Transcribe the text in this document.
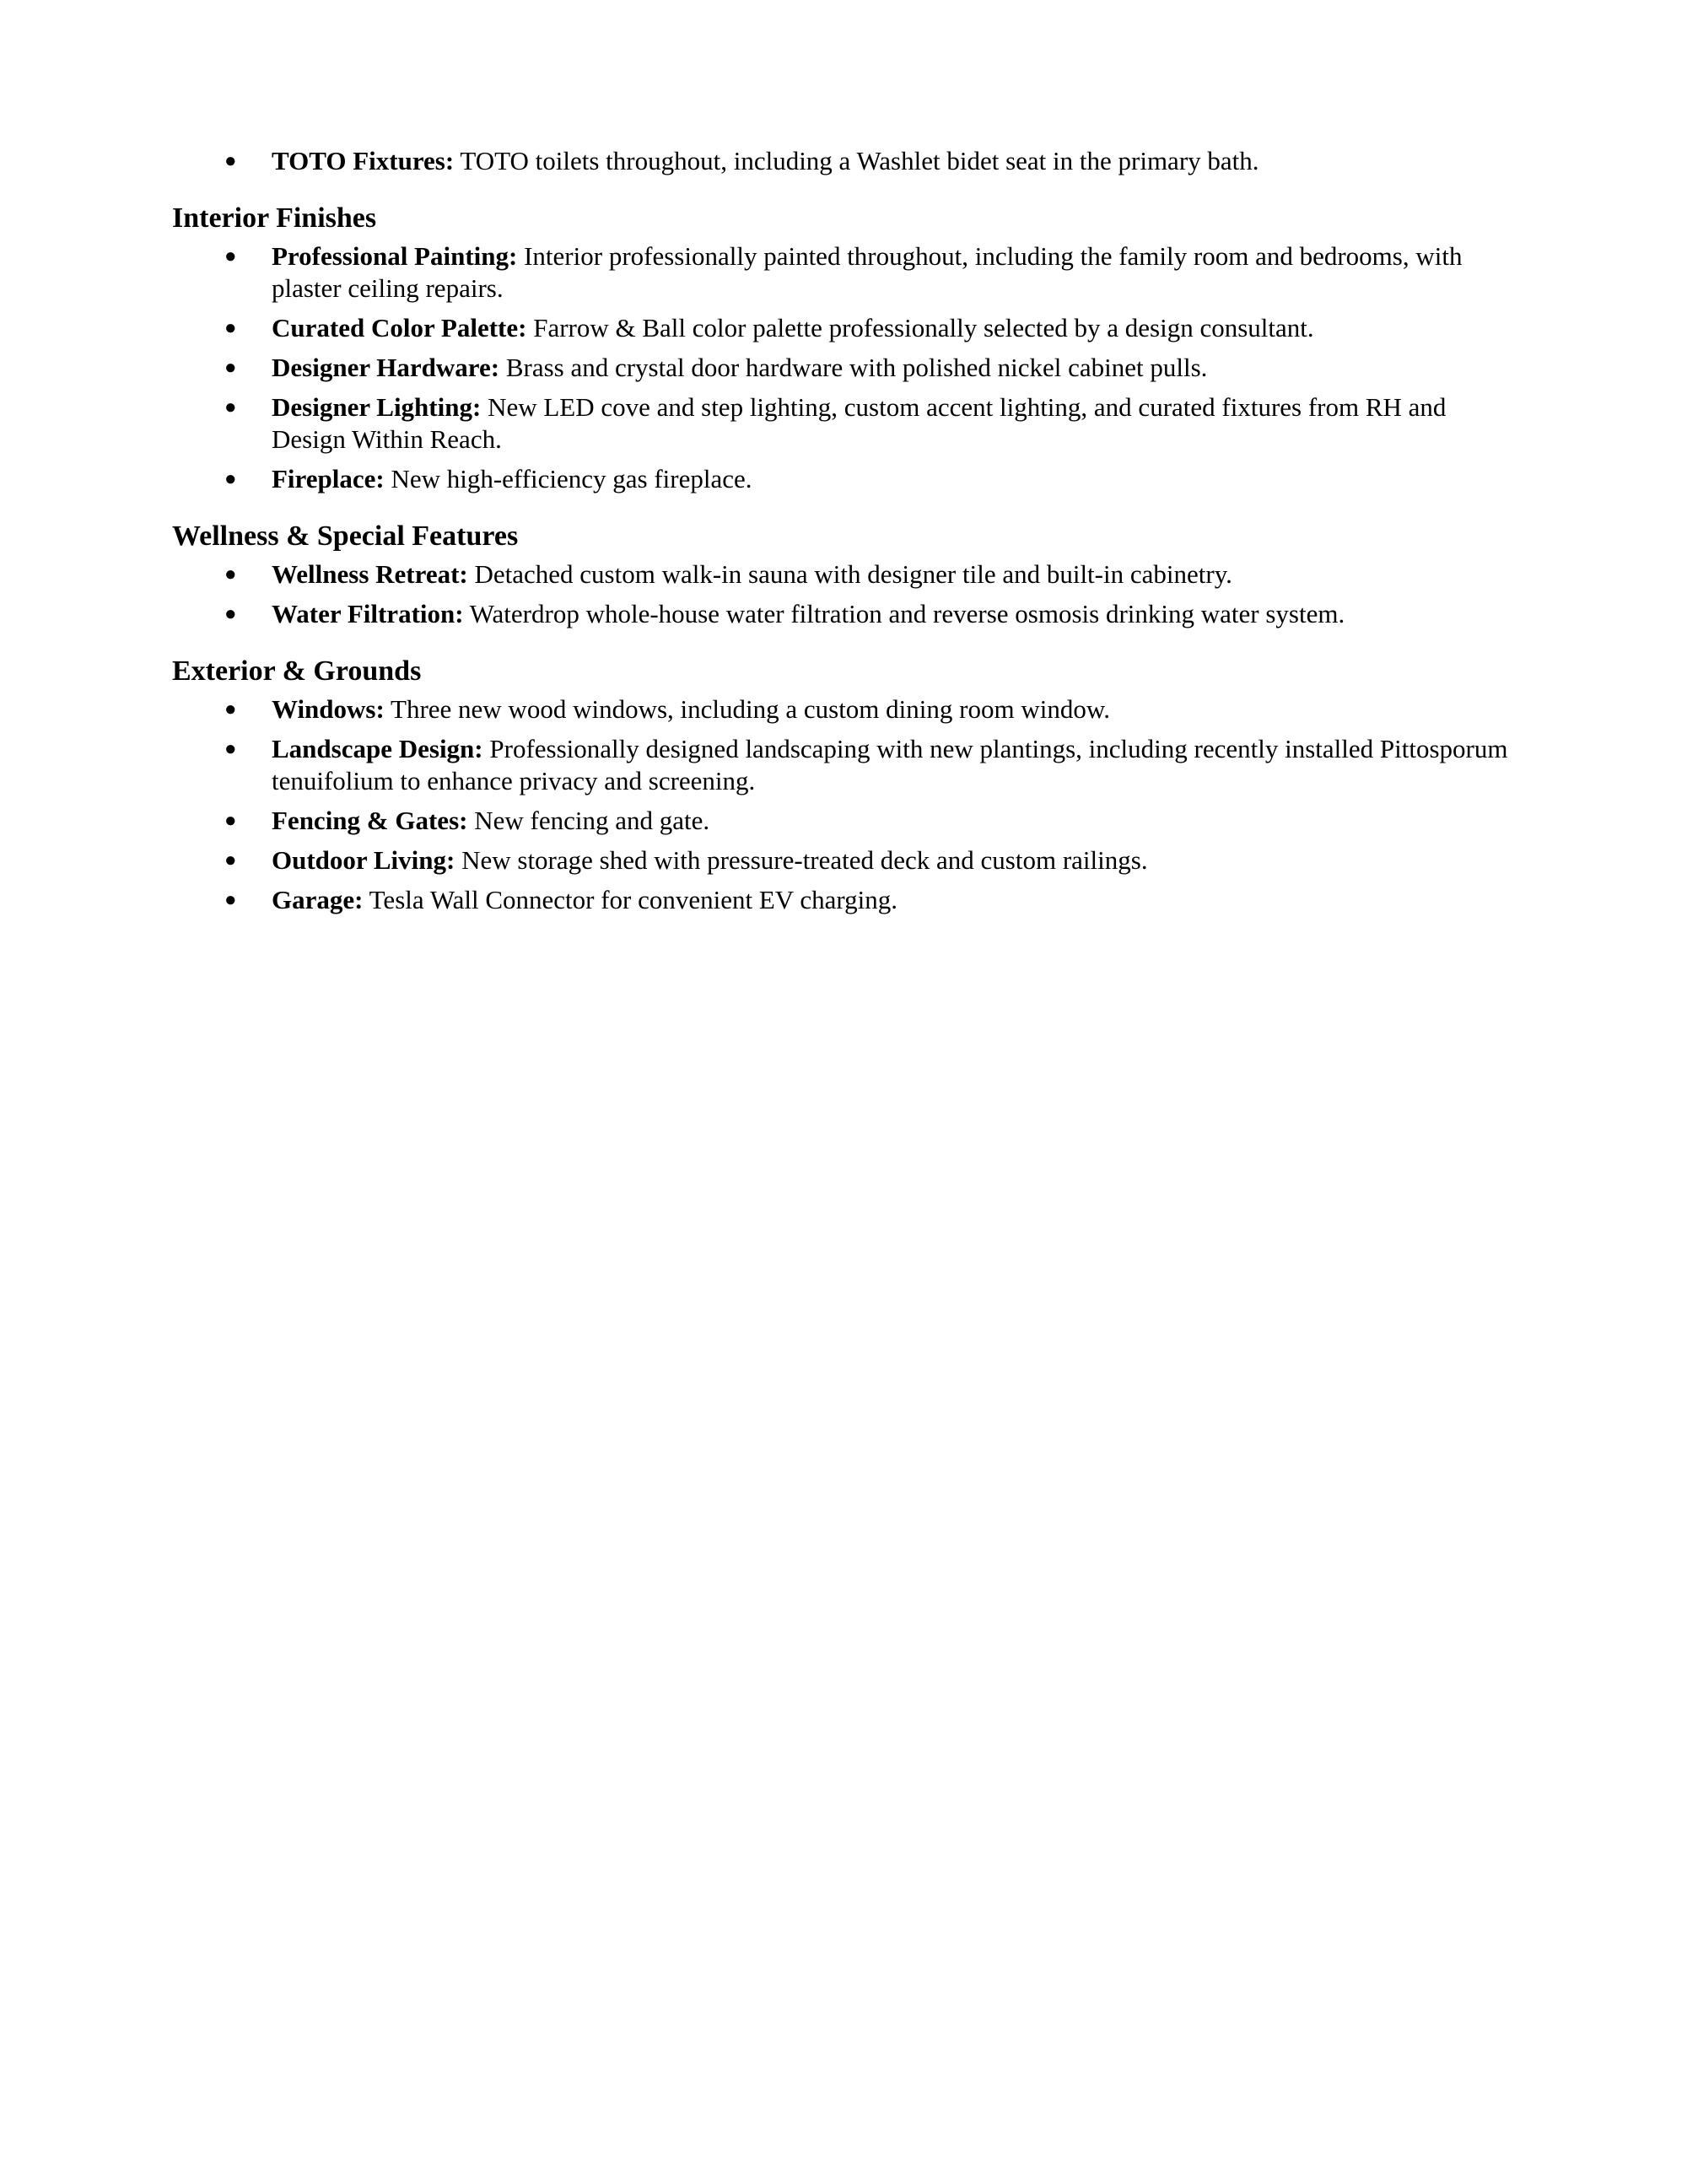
● TOTO Fixtures: TOTO toilets throughout, including a Washlet bidet seat in the primary bath.
Interior Finishes
● Professional Painting: Interior professionally painted throughout, including the family room and bedrooms, with plaster ceiling repairs.
● Curated Color Palette: Farrow & Ball color palette professionally selected by a design consultant.
● Designer Hardware: Brass and crystal door hardware with polished nickel cabinet pulls.
● Designer Lighting: New LED cove and step lighting, custom accent lighting, and curated fixtures from RH and Design Within Reach.
● Fireplace: New high-efficiency gas fireplace.
Wellness & Special Features
● Wellness Retreat: Detached custom walk-in sauna with designer tile and built-in cabinetry.
● Water Filtration: Waterdrop whole-house water filtration and reverse osmosis drinking water system.
Exterior & Grounds
● Windows: Three new wood windows, including a custom dining room window.
● Landscape Design: Professionally designed landscaping with new plantings, including recently installed Pittosporum tenuifolium to enhance privacy and screening.
● Fencing & Gates: New fencing and gate.
● Outdoor Living: New storage shed with pressure-treated deck and custom railings.
● Garage: Tesla Wall Connector for convenient EV charging.
